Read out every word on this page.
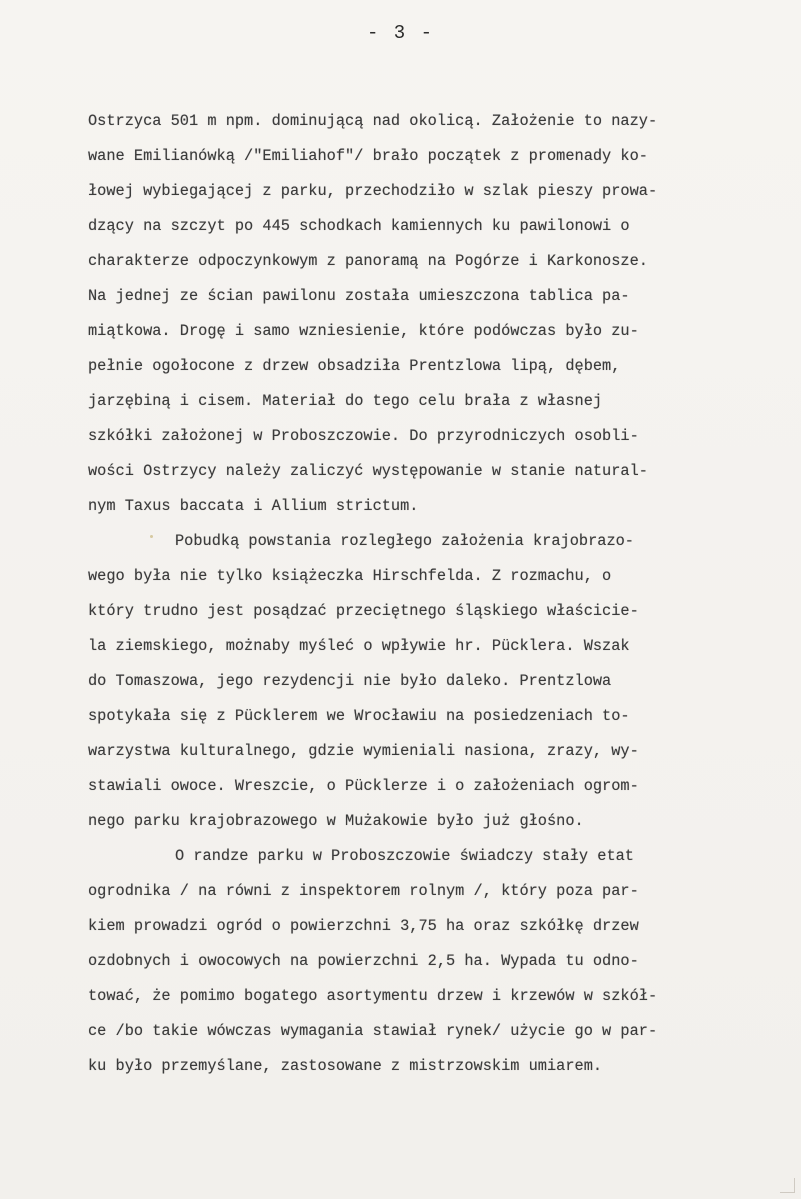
- 3 -
Ostrzyca 501 m npm. dominującą nad okolicą. Założenie to nazy-
wane Emilianówką /"Emiliahof"/ brało początek z promenady ko-
łowej wybiegającej z parku, przechodziło w szlak pieszy prowa-
dzący na szczyt po 445 schodkach kamiennych ku pawilonowi o
charakterze odpoczynkowym z panoramą na Pogórze i Karkonosze.
Na jednej ze ścian pawilonu została umieszczona tablica pa-
miątkowa. Drogę i samo wzniesienie, które podówczas było zu-
pełnie ogołocone z drzew obsadziła Prentzlowa lipą, dębem,
jarzębiną i cisem. Materiał do tego celu brała z własnej
szkółki założonej w Proboszczowie. Do przyrodniczych osobli-
wości Ostrzycy należy zaliczyć występowanie w stanie natural-
nym Taxus baccata i Allium strictum.
Pobudką powstania rozległego założenia krajobrazo-
wego była nie tylko książeczka Hirschfelda. Z rozmachu, o
który trudno jest posądzać przeciętnego śląskiego właściciе-
la ziemskiego, możnaby myśleć o wpływie hr. Pücklera. Wszak
do Tomaszowa, jego rezydencji nie było daleko. Prentzlowa
spotykała się z Pücklerem we Wrocławiu na posiedzeniach to-
warzystwa kulturalnego, gdzie wymieniali nasiona, zrazy, wy-
stawiali owoce. Wreszcie, o Pücklerze i o założeniach ogrom-
nego parku krajobrazowego w Mużakowie było już głośno.
O randze parku w Proboszczowie świadczy stały etat
ogrodnika / na równi z inspektorem rolnym /, który poza par-
kiem prowadzi ogród o powierzchni 3,75 ha oraz szkółkę drzew
ozdobnych i owocowych na powierzchni 2,5 ha. Wypada tu odno-
tować, że pomimo bogatego asortymentu drzew i krzewów w szkół-
ce /bo takie wówczas wymagania stawiał rynek/ użycie go w par-
ku było przemyślane, zastosowane z mistrzowskim umiarem.
